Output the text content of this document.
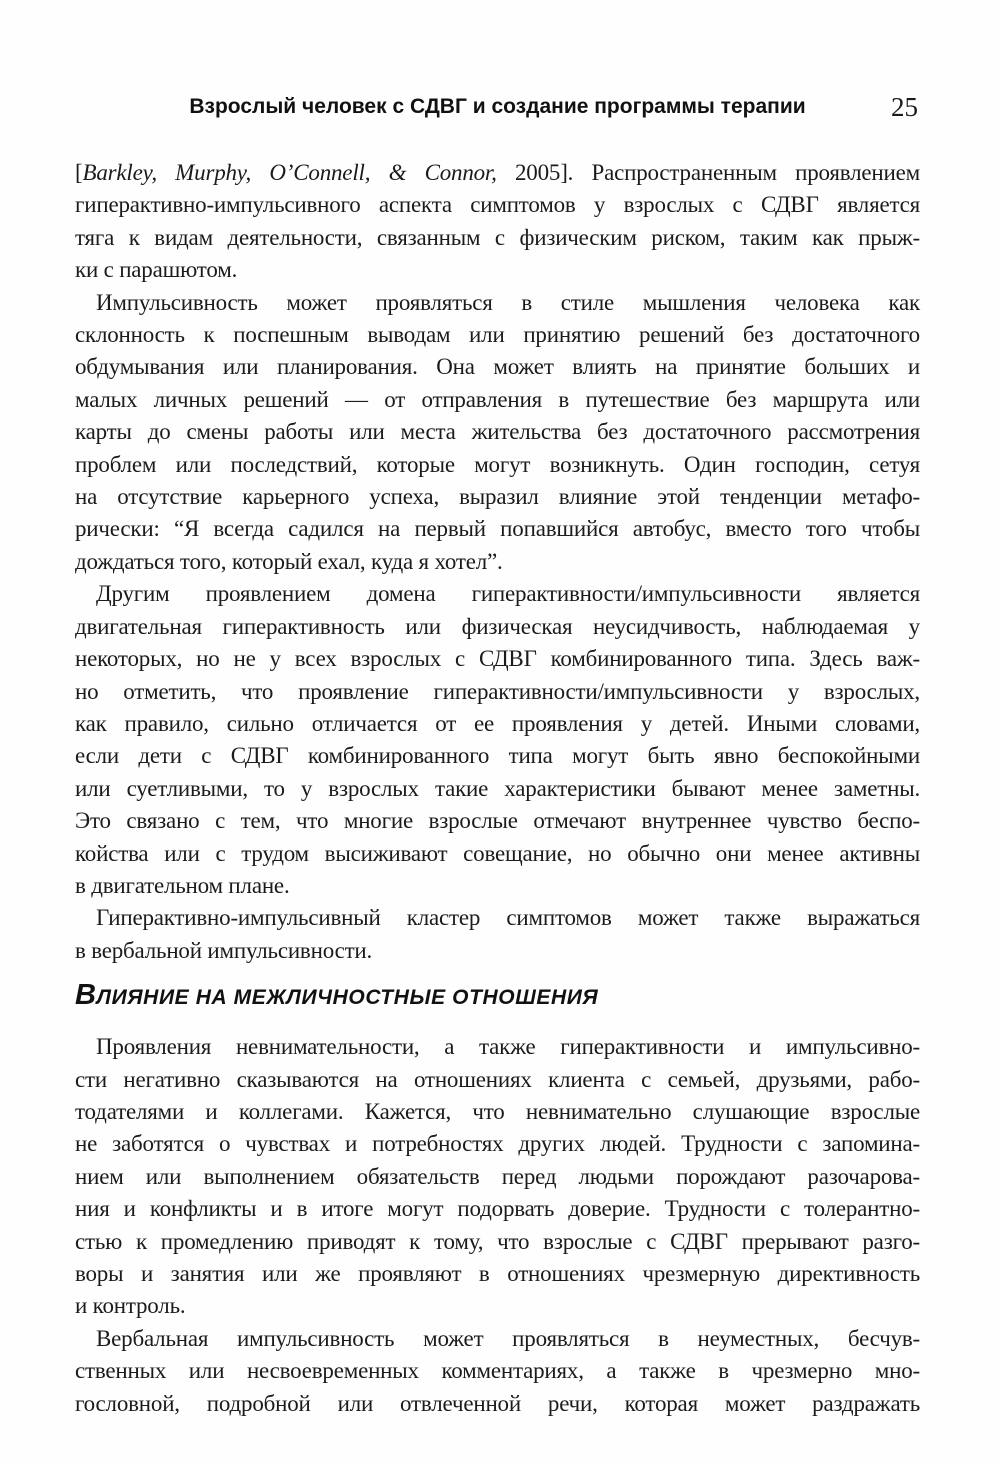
Взрослый человек с СДВГ и создание программы терапии	25
[Barkley, Murphy, O’Connell, & Connor, 2005]. Распространенным проявлением
гиперактивно-импульсивного аспекта симптомов у взрослых с СДВГ является
тяга к видам деятельности, связанным с физическим риском, таким как прыж-
ки с парашютом.
Импульсивность может проявляться в стиле мышления человека как
склонность к поспешным выводам или принятию решений без достаточного
обдумывания или планирования. Она может влиять на принятие больших и
малых личных решений — от отправления в путешествие без маршрута или
карты до смены работы или места жительства без достаточного рассмотрения
проблем или последствий, которые могут возникнуть. Один господин, сетуя
на отсутствие карьерного успеха, выразил влияние этой тенденции метафо-
рически: “Я всегда садился на первый попавшийся автобус, вместо того чтобы
дождаться того, который ехал, куда я хотел”.
Другим проявлением домена гиперактивности/импульсивности является
двигательная гиперактивность или физическая неусидчивость, наблюдаемая у
некоторых, но не у всех взрослых с СДВГ комбинированного типа. Здесь важ-
но отметить, что проявление гиперактивности/импульсивности у взрослых,
как правило, сильно отличается от ее проявления у детей. Иными словами,
если дети с СДВГ комбинированного типа могут быть явно беспокойными
или суетливыми, то у взрослых такие характеристики бывают менее заметны.
Это связано с тем, что многие взрослые отмечают внутреннее чувство беспо-
койства или с трудом высиживают совещание, но обычно они менее активны
в двигательном плане.
Гиперактивно-импульсивный кластер симптомов может также выражаться
в вербальной импульсивности.
ВЛИЯНИЕ НА МЕЖЛИЧНОСТНЫЕ ОТНОШЕНИЯ
Проявления невнимательности, а также гиперактивности и импульсивно-
сти негативно сказываются на отношениях клиента с семьей, друзьями, рабо-
тодателями и коллегами. Кажется, что невнимательно слушающие взрослые
не заботятся о чувствах и потребностях других людей. Трудности с запомина-
нием или выполнением обязательств перед людьми порождают разочарова-
ния и конфликты и в итоге могут подорвать доверие. Трудности с толерантно-
стью к промедлению приводят к тому, что взрослые с СДВГ прерывают разго-
воры и занятия или же проявляют в отношениях чрезмерную директивность
и контроль.
Вербальная импульсивность может проявляться в неуместных, бесчув-
ственных или несвоевременных комментариях, а также в чрезмерно мно-
гословной, подробной или отвлеченной речи, которая может раздражать
